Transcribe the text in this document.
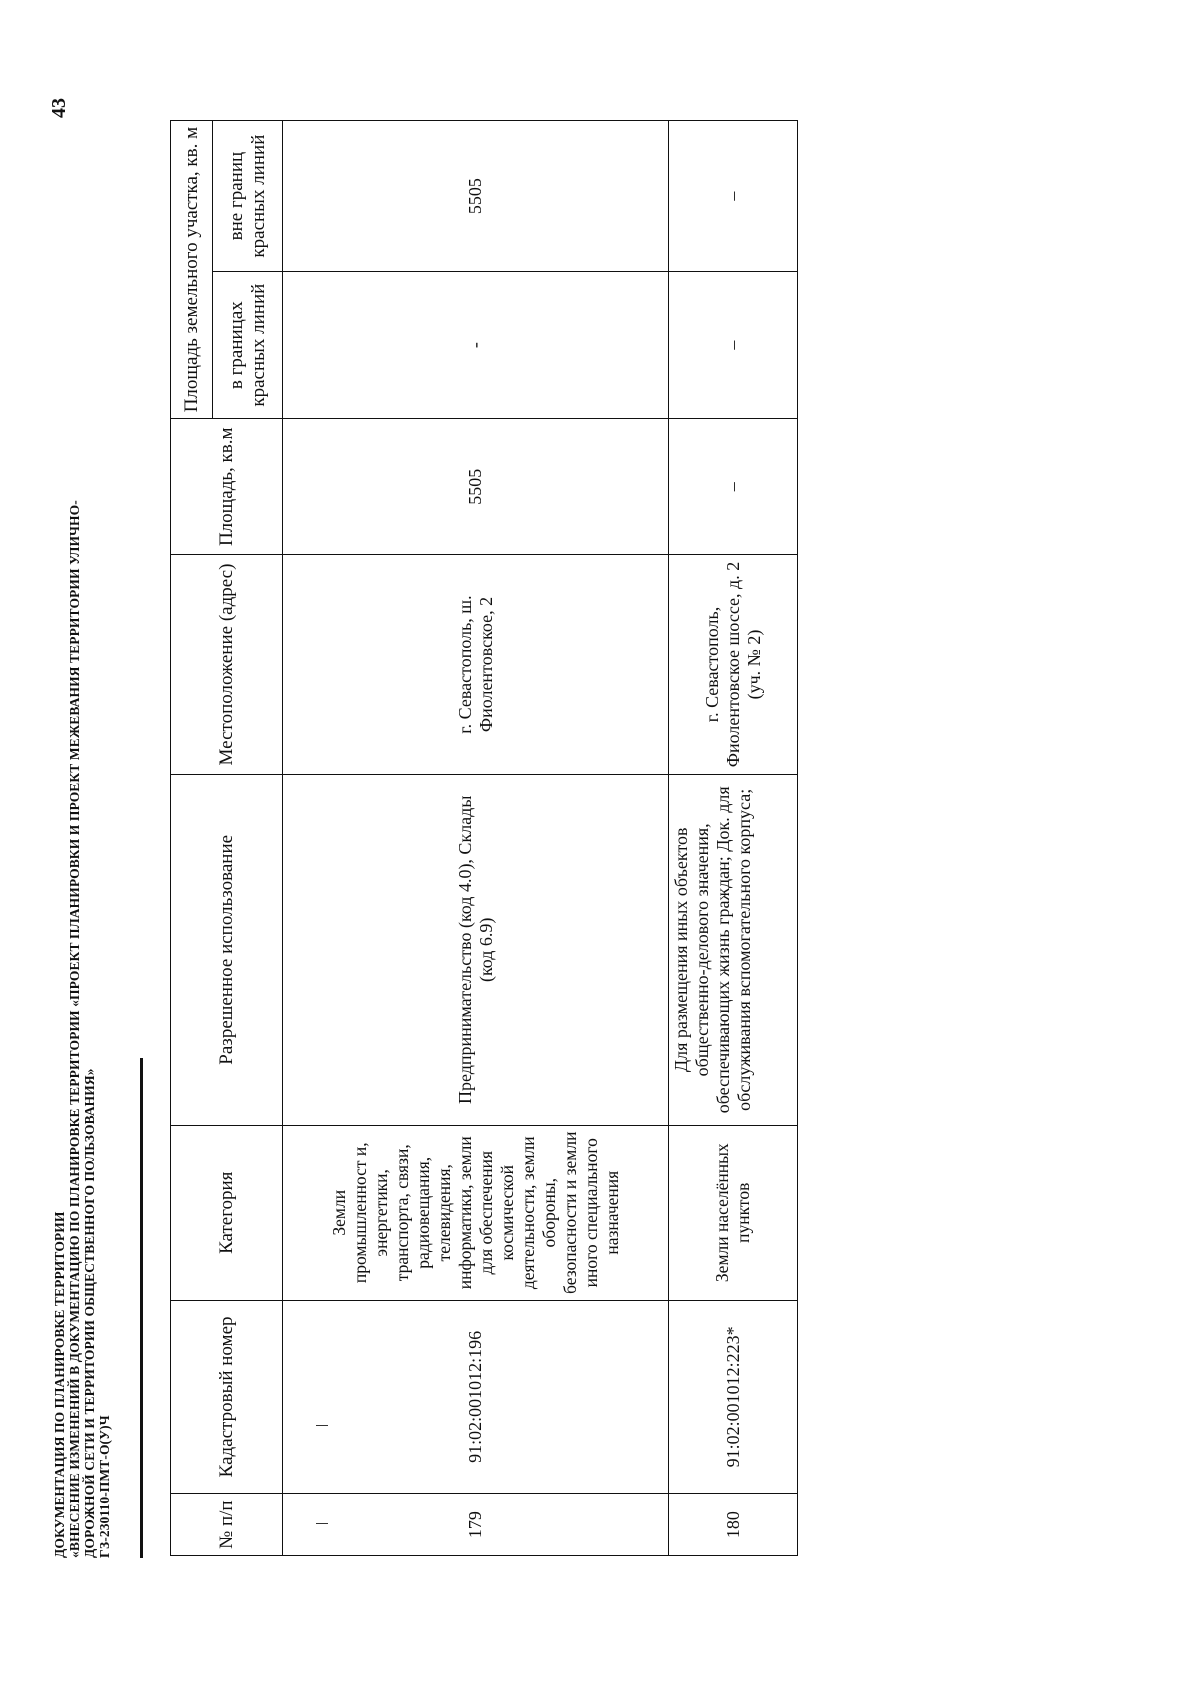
ДОКУМЕНТАЦИЯ ПО ПЛАНИРОВКЕ ТЕРРИТОРИИ «ВНЕСЕНИЕ ИЗМЕНЕНИЙ В ДОКУМЕНТАЦИЮ ПО ПЛАНИРОВКЕ ТЕРРИТОРИИ «ПРОЕКТ ПЛАНИРОВКИ И ПРОЕКТ МЕЖЕВАНИЯ ТЕРРИТОРИИ УЛИЧНО- ДОРОЖНОЙ СЕТИ И ТЕРРИТОРИИ ОБЩЕСТВЕННОГО ПОЛЬЗОВАНИЯ» ГЗ-230110-ПМТ-О(У)Ч
43
№ п/п	Кадастровый номер	Категория	Разрешенное использование	Местоположение (адрес)	Площадь, кв.м	Площадь земельного участка, кв. м	
						в границах красных линий	вне границ красных линий
179	91:02:001012:196	Земли промышленност и, энергетики, транспорта, связи, радиовещания, телевидения, информатики, земли для обеспечения космической деятельности, земли обороны, безопасности и земли иного специального назначения	Предпринимательство (код 4.0), Склады (код 6.9)	г. Севастополь, ш. Фиолентовское, 2	5505	-	5505
180	91:02:001012:223*	Земли населённых пунктов	Для размещения иных объектов общественно-делового значения, обеспечивающих жизнь граждан; Док. для обслуживания вспомогательного корпуса;	г. Севастополь, Фиолентовское шоссе, д. 2 (уч. № 2)	–	–	–
